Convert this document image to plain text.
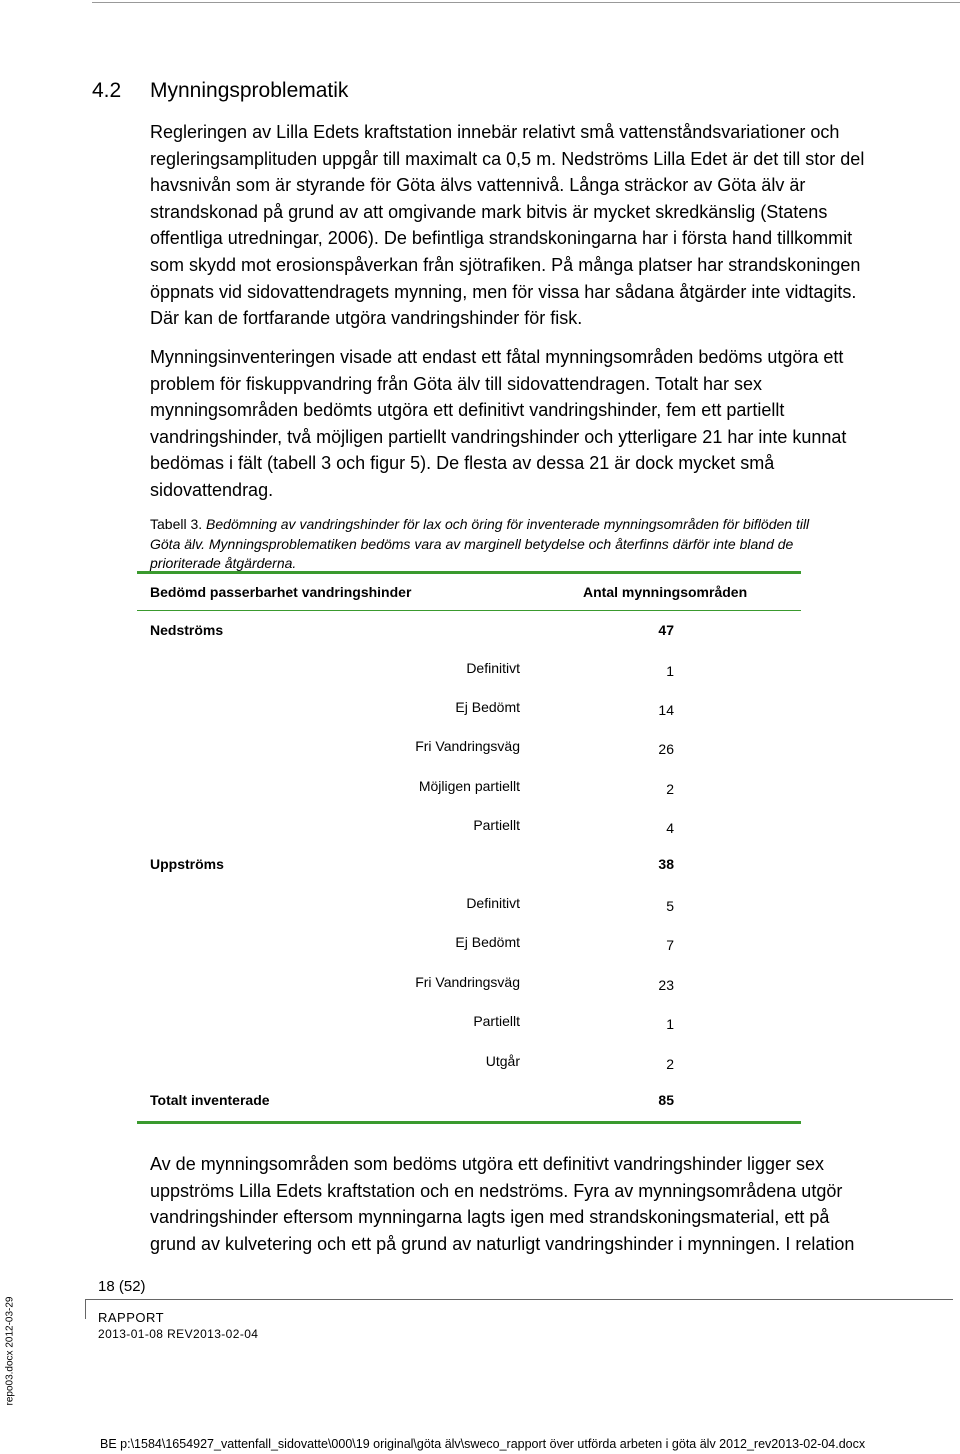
4.2 Mynningsproblematik
Regleringen av Lilla Edets kraftstation innebär relativt små vattenståndsvariationer och
regleringsamplituden uppgår till maximalt ca 0,5 m. Nedströms Lilla Edet är det till stor del
havsnivån som är styrande för Göta älvs vattennivå. Långa sträckor av Göta älv är
strandskonad på grund av att omgivande mark bitvis är mycket skredkänslig (Statens
offentliga utredningar, 2006). De befintliga strandskoningarna har i första hand tillkommit
som skydd mot erosionspåverkan från sjötrafiken. På många platser har strandskoningen
öppnats vid sidovattendragets mynning, men för vissa har sådana åtgärder inte vidtagits.
Där kan de fortfarande utgöra vandringshinder för fisk.
Mynningsinventeringen visade att endast ett fåtal mynningsområden bedöms utgöra ett
problem för fiskuppvandring från Göta älv till sidovattendragen. Totalt har sex
mynningsområden bedömts utgöra ett definitivt vandringshinder, fem ett partiellt
vandringshinder, två möjligen partiellt vandringshinder och ytterligare 21 har inte kunnat
bedömas i fält (tabell 3 och figur 5). De flesta av dessa 21 är dock mycket små
sidovattendrag.
Tabell 3. Bedömning av vandringshinder för lax och öring för inventerade mynningsområden för biflöden till
Göta älv. Mynningsproblematiken bedöms vara av marginell betydelse och återfinns därför inte bland de
prioriterade åtgärderna.
Bedömd passerbarhet vandringshinder	Antal mynningsområden
Nedströms	47
Definitivt	1
Ej Bedömt	14
Fri Vandringsväg	26
Möjligen partiellt	2
Partiellt	4
Uppströms	38
Definitivt	5
Ej Bedömt	7
Fri Vandringsväg	23
Partiellt	1
Utgår	2
Totalt inventerade	85
Av de mynningsområden som bedöms utgöra ett definitivt vandringshinder ligger sex
uppströms Lilla Edets kraftstation och en nedströms. Fyra av mynningsområdena utgör
vandringshinder eftersom mynningarna lagts igen med strandskoningsmaterial, ett på
grund av kulvetering och ett på grund av naturligt vandringshinder i mynningen. I relation
18 (52)
RAPPORT
2013-01-08 REV2013-02-04
repo03.docx 2012-03-29
BE p:\1584\1654927_vattenfall_sidovatte\000\19 original\göta älv\sweco_rapport över utförda arbeten i göta älv 2012_rev2013-02-04.docx
